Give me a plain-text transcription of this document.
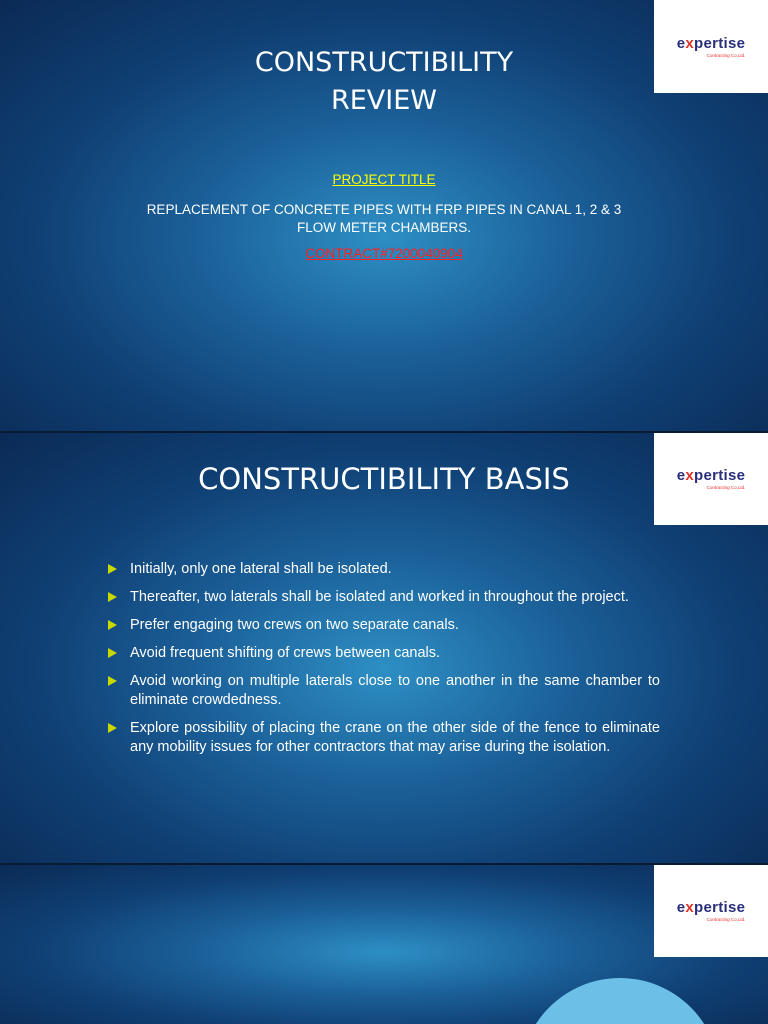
expertise
Contracting Co.Ltd.
CONSTRUCTIBILITY
REVIEW
PROJECT TITLE
REPLACEMENT OF CONCRETE PIPES WITH FRP PIPES IN CANAL 1, 2 & 3
FLOW METER CHAMBERS.
CONTRACT#7200040904
expertise
Contracting Co.Ltd.
CONSTRUCTIBILITY BASIS
Initially, only one lateral shall be isolated.
Thereafter, two laterals shall be isolated and worked in throughout the project.
Prefer engaging two crews on two separate canals.
Avoid frequent shifting of crews between canals.
Avoid working on multiple laterals close to one another in the same chamber to eliminate crowdedness.
Explore possibility of placing the crane on the other side of the fence to eliminate any mobility issues for other contractors that may arise during the isolation.
expertise
Contracting Co.Ltd.
